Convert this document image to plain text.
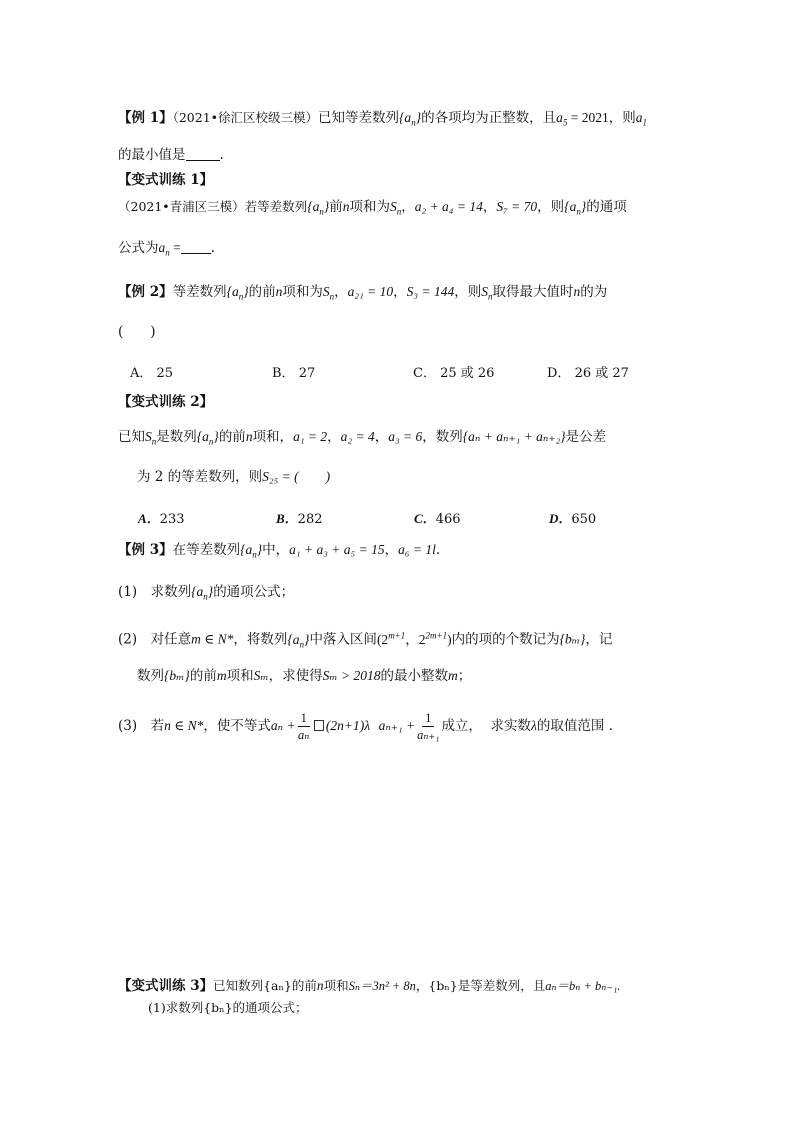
【例 1】（2021•徐汇区校级三模）已知等差数列$\{a_n\}$的各项均为正整数，且$a_5 = 2021$，则$a_1$
的最小值是	.
【变式训练 1】
（2021•青浦区三模）若等差数列$\{a_n\}$前n项和为$S_n$，a₂ + a₄ = 14，S₇ = 70，则$\{a_n\}$的通项
公式为$a_n$ = .
【例 2】等差数列$\{a_n\}$的前n项和为$S_n$，a₂₁ = 10，S₃ = 144，则$S_n$取得最大值时n的为
(　　)
A． 25	B． 27	C． 25 或 26	D． 26 或 27
【变式训练 2】
已知$S_n$是数列$\{a_n\}$的前n项和，a₁ = 2，a₂ = 4，a₃ = 6，数列{aₙ + aₙ₊₁ + aₙ₊₂}是公差
为 2 的等差数列，则S₂₅ = (　　)
A．233	B．282	C．466	D．650
【例 3】在等差数列$\{a_n\}$中，a₁ + a₃ + a₅ = 15，a₆ = 1l.
(1)　 求数列$\{a_n\}$的通项公式；
(2)　 对任意m ∈ N*，将数列$\{a_n\}$中落入区间($2^{m+1}$，$2^{2m+1}$)内的项的个数记为{bₘ}，记
数列{bₘ}的前m项和Sₘ，求使得Sₘ > 2018的最小整数m；
(3)　 若n ∈ N*，使不等式$a_n + \frac{1}{\text{aₙ}} (2n+1)\lambda$ $a_{n+1} + \frac{1}{\text{aₙ₊₁}}$ 成立， 求实数λ的取值范围 ．
【变式训练 3】已知数列{aₙ}的前n项和Sₙ＝3n² + 8n，{bₙ}是等差数列，且aₙ＝bₙ + bₙ₋₁.
(1)求数列{bₙ}的通项公式；
